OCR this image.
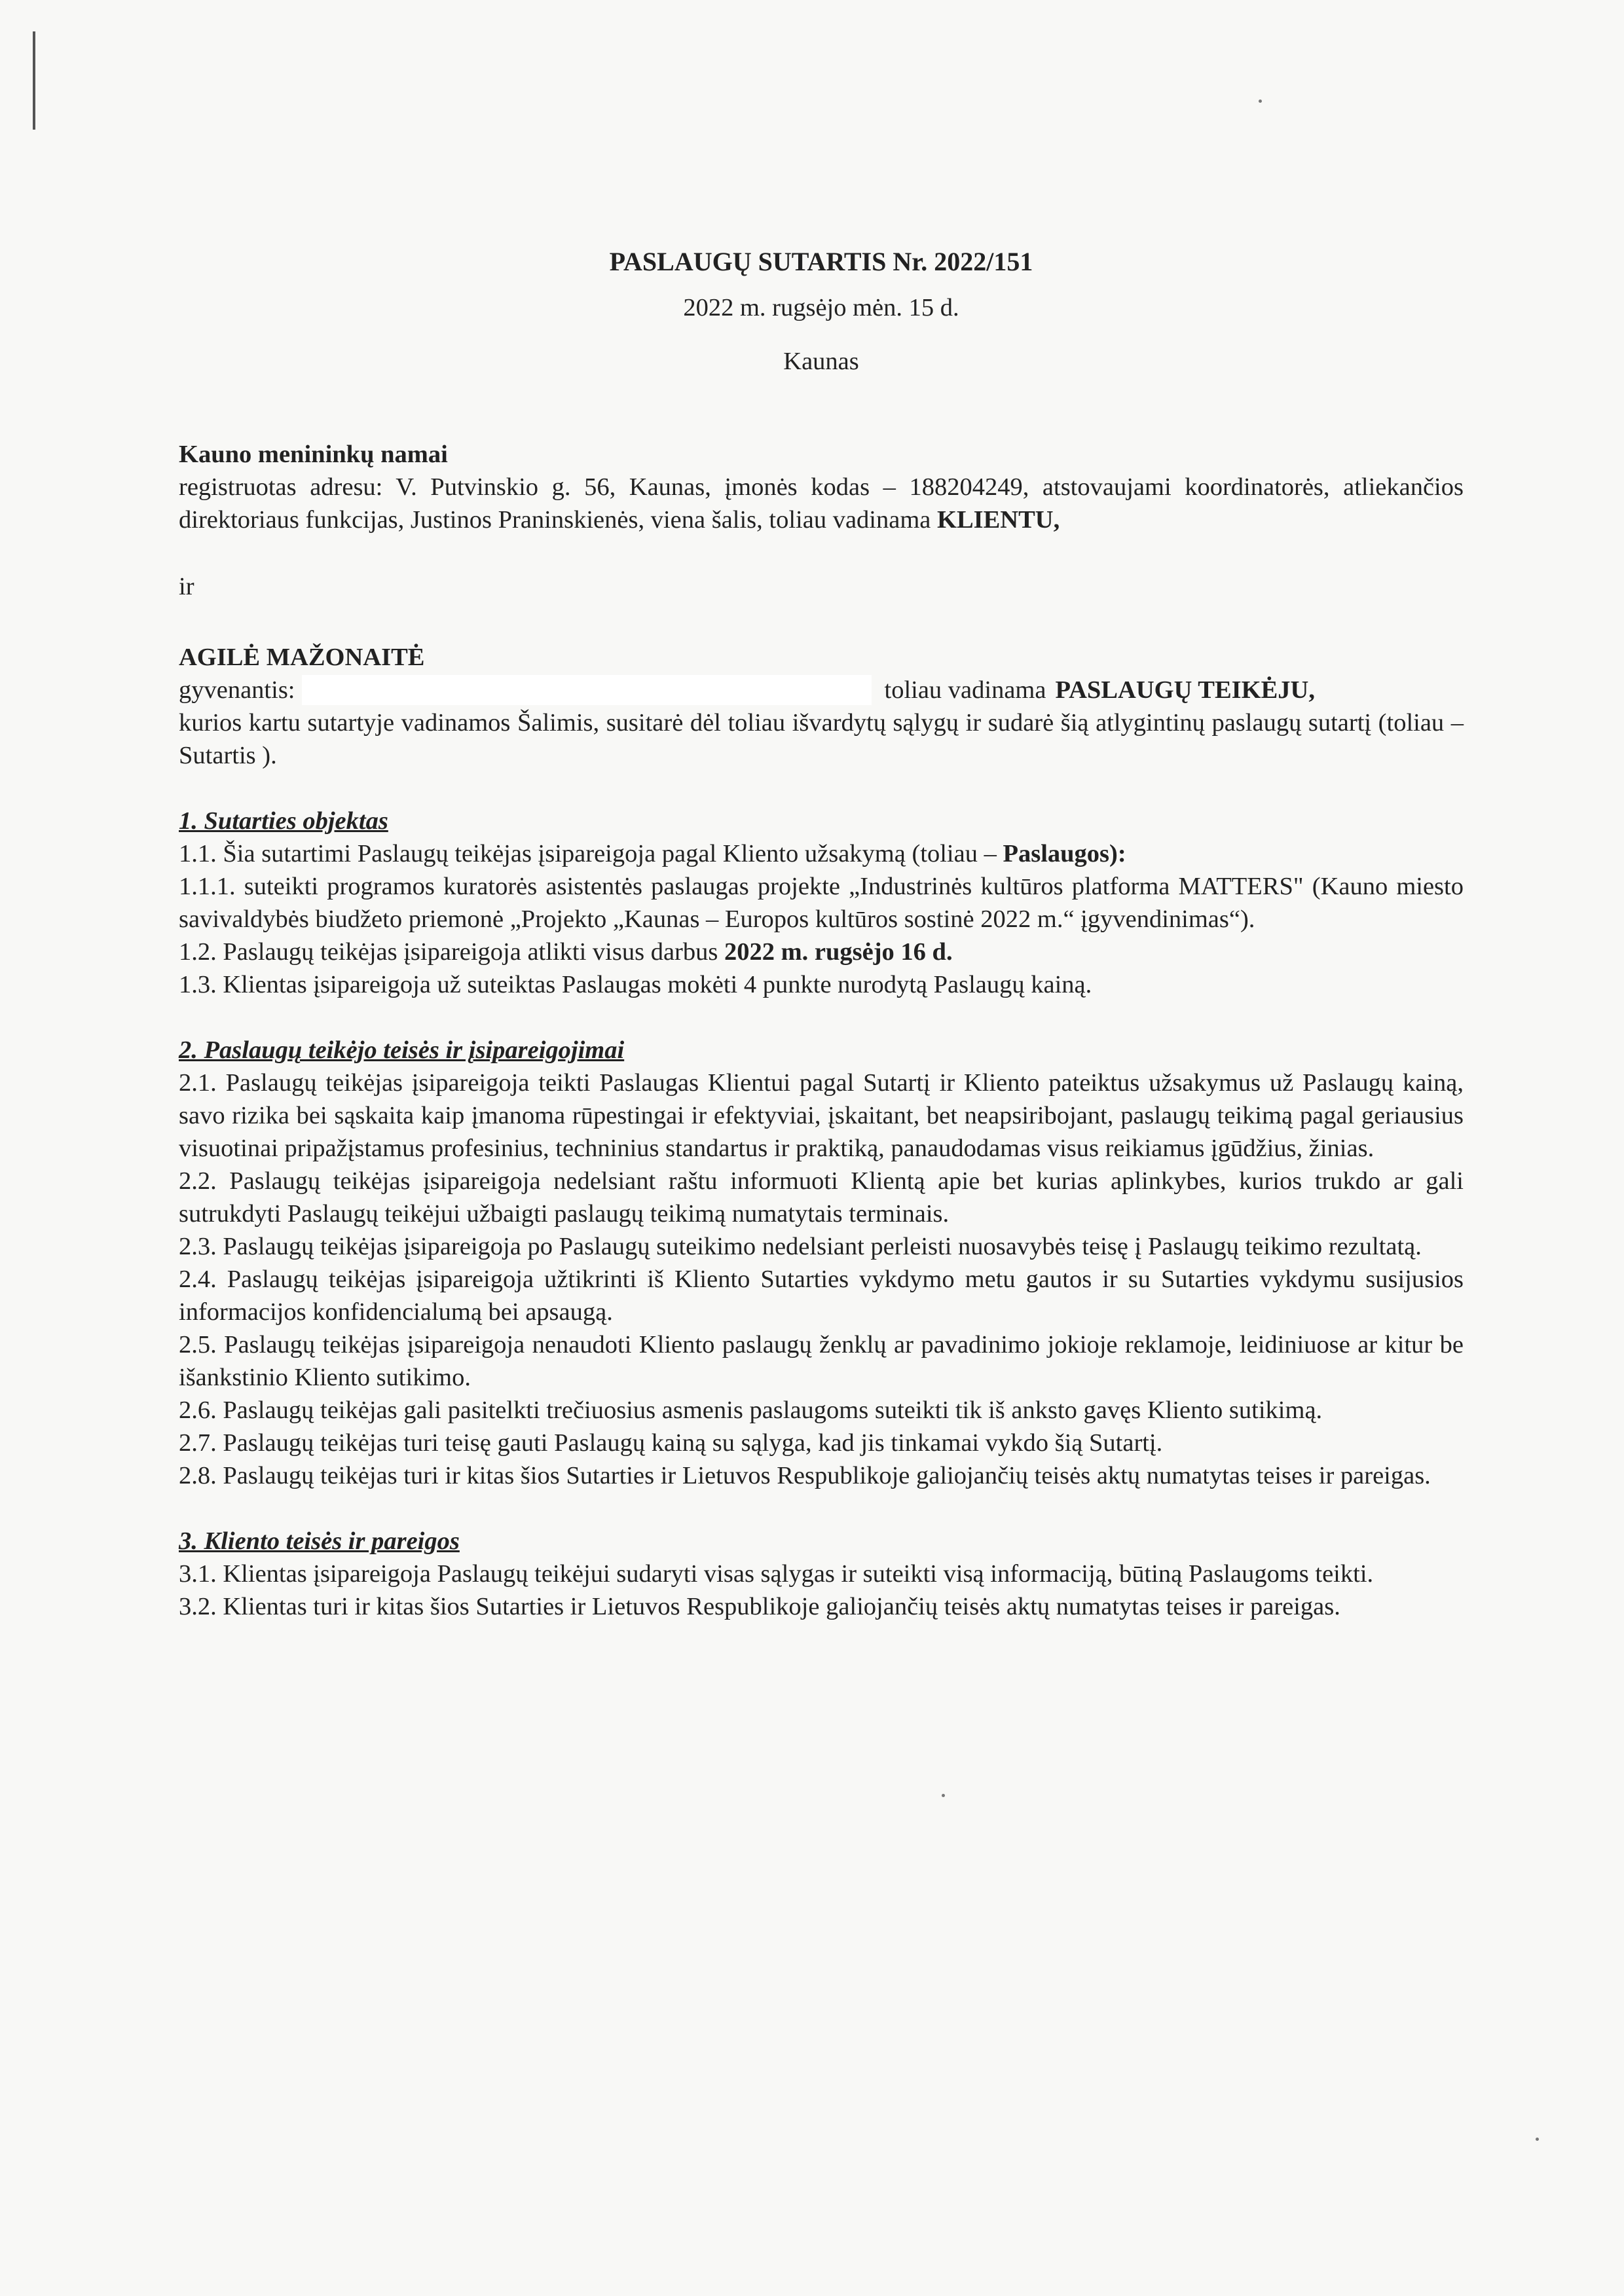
PASLAUGŲ SUTARTIS Nr. 2022/151

2022 m. rugsėjo mėn. 15 d.

Kaunas

Kauno menininkų namai

registruotas adresu: V. Putvinskio g. 56, Kaunas, įmonės kodas – 188204249, atstovaujami koordinatorės, atliekančios direktoriaus funkcijas, Justinos Praninskienės, viena šalis, toliau vadinama KLIENTU,

ir

AGILĖ MAŽONAITĖ

gyvenantis:	toliau vadinama PASLAUGŲ TEIKĖJU,

kurios kartu sutartyje vadinamos Šalimis, susitarė dėl toliau išvardytų sąlygų ir sudarė šią atlygintinų paslaugų sutartį (toliau – Sutartis ).

1. Sutarties objektas

1.1. Šia sutartimi Paslaugų teikėjas įsipareigoja pagal Kliento užsakymą (toliau – Paslaugos):

1.1.1. suteikti programos kuratorės asistentės paslaugas projekte „Industrinės kultūros platforma MATTERS" (Kauno miesto savivaldybės biudžeto priemonė „Projekto „Kaunas – Europos kultūros sostinė 2022 m.“ įgyvendinimas“).

1.2. Paslaugų teikėjas įsipareigoja atlikti visus darbus 2022 m. rugsėjo 16 d.

1.3. Klientas įsipareigoja už suteiktas Paslaugas mokėti 4 punkte nurodytą Paslaugų kainą.

2. Paslaugų teikėjo teisės ir įsipareigojimai

2.1. Paslaugų teikėjas įsipareigoja teikti Paslaugas Klientui pagal Sutartį ir Kliento pateiktus užsakymus už Paslaugų kainą, savo rizika bei sąskaita kaip įmanoma rūpestingai ir efektyviai, įskaitant, bet neapsiribojant, paslaugų teikimą pagal geriausius visuotinai pripažįstamus profesinius, techninius standartus ir praktiką, panaudodamas visus reikiamus įgūdžius, žinias.

2.2. Paslaugų teikėjas įsipareigoja nedelsiant raštu informuoti Klientą apie bet kurias aplinkybes, kurios trukdo ar gali sutrukdyti Paslaugų teikėjui užbaigti paslaugų teikimą numatytais terminais.

2.3. Paslaugų teikėjas įsipareigoja po Paslaugų suteikimo nedelsiant perleisti nuosavybės teisę į Paslaugų teikimo rezultatą.

2.4. Paslaugų teikėjas įsipareigoja užtikrinti iš Kliento Sutarties vykdymo metu gautos ir su Sutarties vykdymu susijusios informacijos konfidencialumą bei apsaugą.

2.5. Paslaugų teikėjas įsipareigoja nenaudoti Kliento paslaugų ženklų ar pavadinimo jokioje reklamoje, leidiniuose ar kitur be išankstinio Kliento sutikimo.

2.6. Paslaugų teikėjas gali pasitelkti trečiuosius asmenis paslaugoms suteikti tik iš anksto gavęs Kliento sutikimą.

2.7. Paslaugų teikėjas turi teisę gauti Paslaugų kainą su sąlyga, kad jis tinkamai vykdo šią Sutartį.

2.8. Paslaugų teikėjas turi ir kitas šios Sutarties ir Lietuvos Respublikoje galiojančių teisės aktų numatytas teises ir pareigas.

3. Kliento teisės ir pareigos

3.1. Klientas įsipareigoja Paslaugų teikėjui sudaryti visas sąlygas ir suteikti visą informaciją, būtiną Paslaugoms teikti.

3.2. Klientas turi ir kitas šios Sutarties ir Lietuvos Respublikoje galiojančių teisės aktų numatytas teises ir pareigas.
